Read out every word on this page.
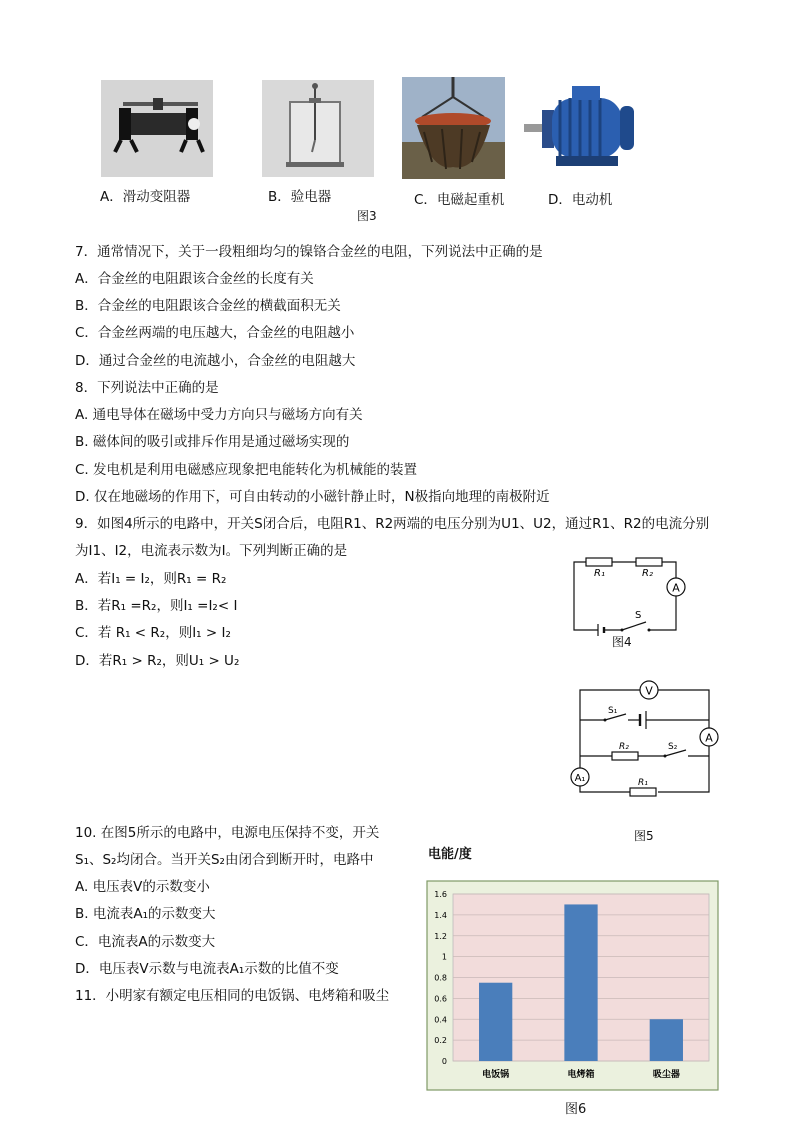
A．滑动变阻器	B．验电器	C．电磁起重机	D．电动机
图3
7．通常情况下，关于一段粗细均匀的镍铬合金丝的电阻，下列说法中正确的是
A．合金丝的电阻跟该合金丝的长度有关
B．合金丝的电阻跟该合金丝的横截面积无关
C．合金丝两端的电压越大，合金丝的电阻越小
D．通过合金丝的电流越小，合金丝的电阻越大
8．下列说法中正确的是
A. 通电导体在磁场中受力方向只与磁场方向有关
B. 磁体间的吸引或排斥作用是通过磁场实现的
C. 发电机是利用电磁感应现象把电能转化为机械能的装置
D. 仅在地磁场的作用下，可自由转动的小磁针静止时，N极指向地理的南极附近
9．如图4所示的电路中，开关S闭合后，电阻R1、R2两端的电压分别为U1、U2，通过R1、R2的电流分别
为I1、I2，电流表示数为I。下列判断正确的是
A．若I₁ = I₂，则R₁ = R₂
B．若R₁ =R₂，则I₁ =I₂< I
C．若 R₁ < R₂，则I₁ > I₂
D．若R₁ > R₂，则U₁ > U₂
A
R₁	R₂
S
图4
V
A
S₁
R₂	S₂
A₁	R₁
图5
10. 在图5所示的电路中，电源电压保持不变，开关
S₁、S₂均闭合。当开关S₂由闭合到断开时，电路中
A. 电压表V的示数变小
B. 电流表A₁的示数变大
C．电流表A的示数变大
D．电压表V示数与电流表A₁示数的比值不变
11．小明家有额定电压相同的电饭锅、电烤箱和吸尘
电能/度
0
0.2
0.4
0.6
0.8
1
1.2
1.4
1.6
电饭锅	电烤箱	吸尘器
图6
